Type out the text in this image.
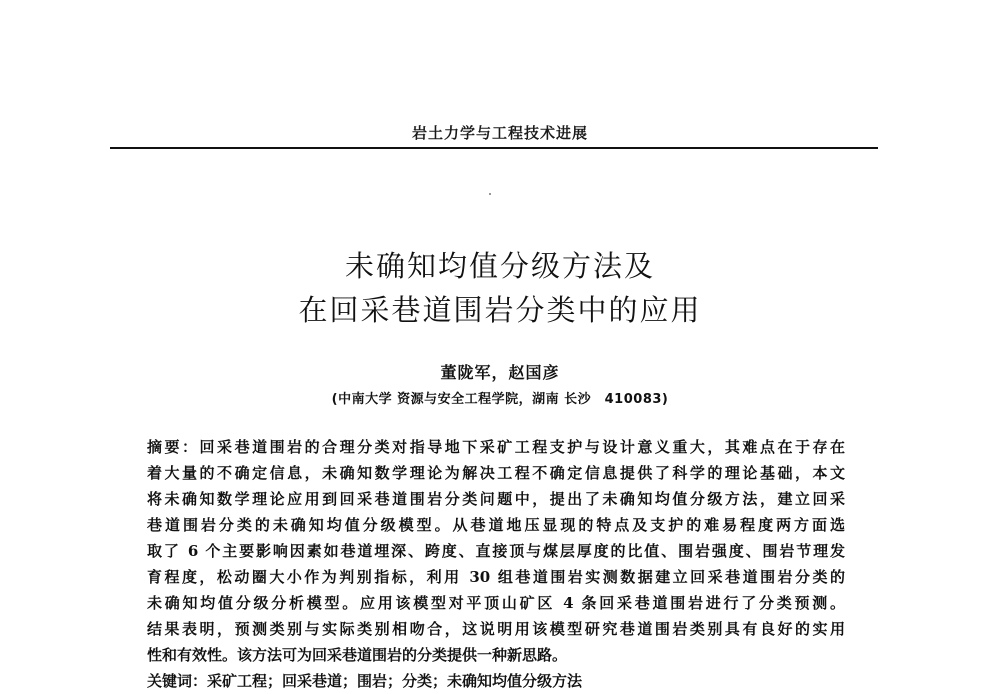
岩土力学与工程技术进展
未确知均值分级方法及
在回采巷道围岩分类中的应用
董陇军，赵国彦
(中南大学 资源与安全工程学院，湖南 长沙　410083)
摘要：回采巷道围岩的合理分类对指导地下采矿工程支护与设计意义重大，其难点在于存在
着大量的不确定信息，未确知数学理论为解决工程不确定信息提供了科学的理论基础，本文
将未确知数学理论应用到回采巷道围岩分类问题中，提出了未确知均值分级方法，建立回采
巷道围岩分类的未确知均值分级模型。从巷道地压显现的特点及支护的难易程度两方面选
取了 6 个主要影响因素如巷道埋深、跨度、直接顶与煤层厚度的比值、围岩强度、围岩节理发
育程度，松动圈大小作为判别指标，利用 30 组巷道围岩实测数据建立回采巷道围岩分类的
未确知均值分级分析模型。应用该模型对平顶山矿区 4 条回采巷道围岩进行了分类预测。
结果表明，预测类别与实际类别相吻合，这说明用该模型研究巷道围岩类别具有良好的实用
性和有效性。该方法可为回采巷道围岩的分类提供一种新思路。
关键词：采矿工程；回采巷道；围岩；分类；未确知均值分级方法
